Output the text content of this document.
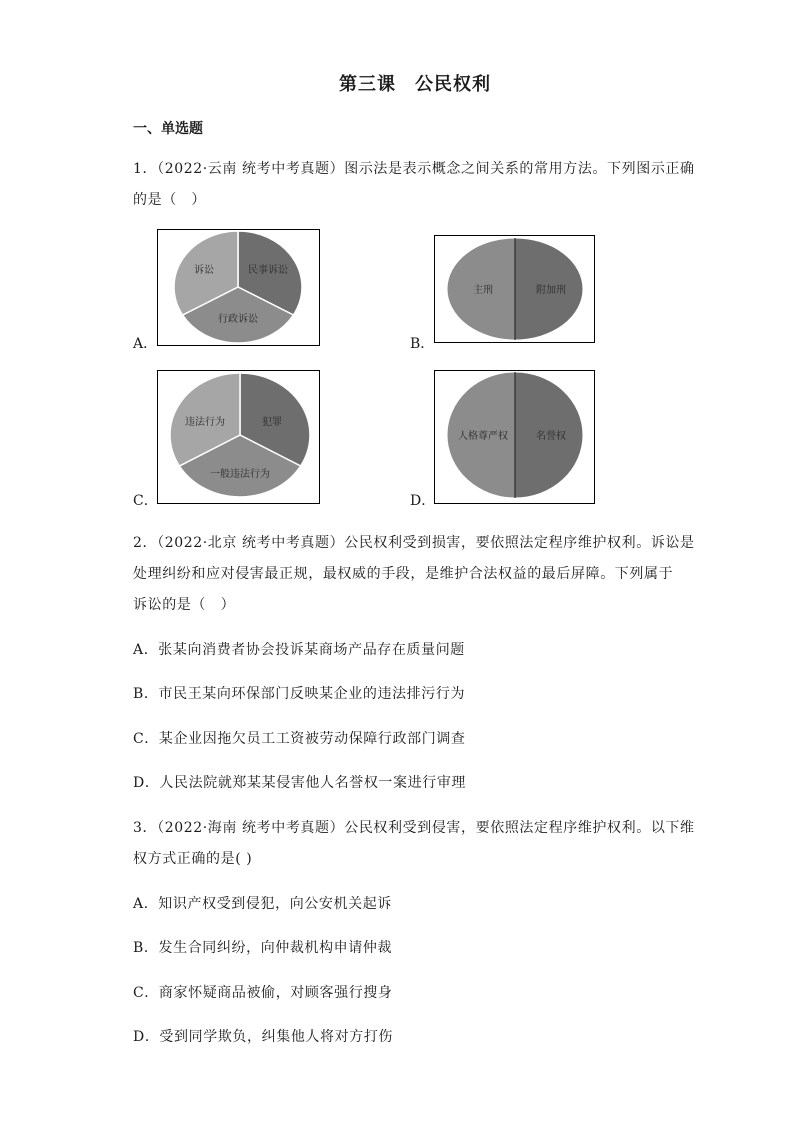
第三课　公民权利
一、单选题
1．（2022·云南 统考中考真题）图示法是表示概念之间关系的常用方法。下列图示正确
的是（　）
诉讼	民事诉讼
行政诉讼
A．
主刑	附加刑
B．
违法行为	犯罪
一般违法行为
C．
人格尊严权	名誉权
D．
2．（2022·北京 统考中考真题）公民权利受到损害，要依照法定程序维护权利。诉讼是
处理纠纷和应对侵害最正规，最权威的手段，是维护合法权益的最后屏障。下列属于
诉讼的是（　）
A．张某向消费者协会投诉某商场产品存在质量问题
B．市民王某向环保部门反映某企业的违法排污行为
C．某企业因拖欠员工工资被劳动保障行政部门调查
D．人民法院就郑某某侵害他人名誉权一案进行审理
3．（2022·海南 统考中考真题）公民权利受到侵害，要依照法定程序维护权利。以下维
权方式正确的是( )
A．知识产权受到侵犯，向公安机关起诉
B．发生合同纠纷，向仲裁机构申请仲裁
C．商家怀疑商品被偷，对顾客强行搜身
D．受到同学欺负，纠集他人将对方打伤
